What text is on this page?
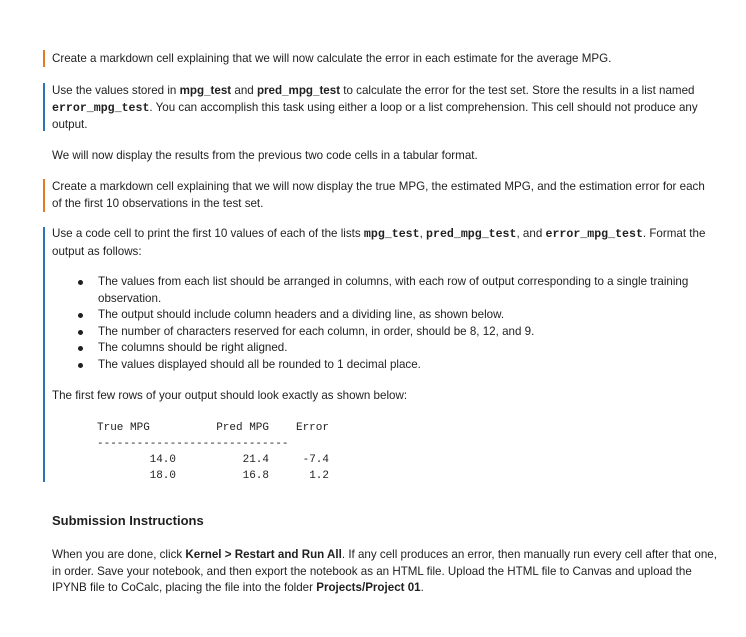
Create a markdown cell explaining that we will now calculate the error in each estimate for the average MPG.
Use the values stored in mpg_test and pred_mpg_test to calculate the error for the test set. Store the results in a list named error_mpg_test. You can accomplish this task using either a loop or a list comprehension. This cell should not produce any output.
We will now display the results from the previous two code cells in a tabular format.
Create a markdown cell explaining that we will now display the true MPG, the estimated MPG, and the estimation error for each of the first 10 observations in the test set.
Use a code cell to print the first 10 values of each of the lists mpg_test, pred_mpg_test, and error_mpg_test. Format the output as follows:
The values from each list should be arranged in columns, with each row of output corresponding to a single training observation.
The output should include column headers and a dividing line, as shown below.
The number of characters reserved for each column, in order, should be 8, 12, and 9.
The columns should be right aligned.
The values displayed should all be rounded to 1 decimal place.
The first few rows of your output should look exactly as shown below:
True MPG	Pred MPG	Error
-----------------------------
14.0	21.4	-7.4
18.0	16.8	1.2
Submission Instructions
When you are done, click Kernel > Restart and Run All. If any cell produces an error, then manually run every cell after that one, in order. Save your notebook, and then export the notebook as an HTML file. Upload the HTML file to Canvas and upload the IPYNB file to CoCalc, placing the file into the folder Projects/Project 01.
